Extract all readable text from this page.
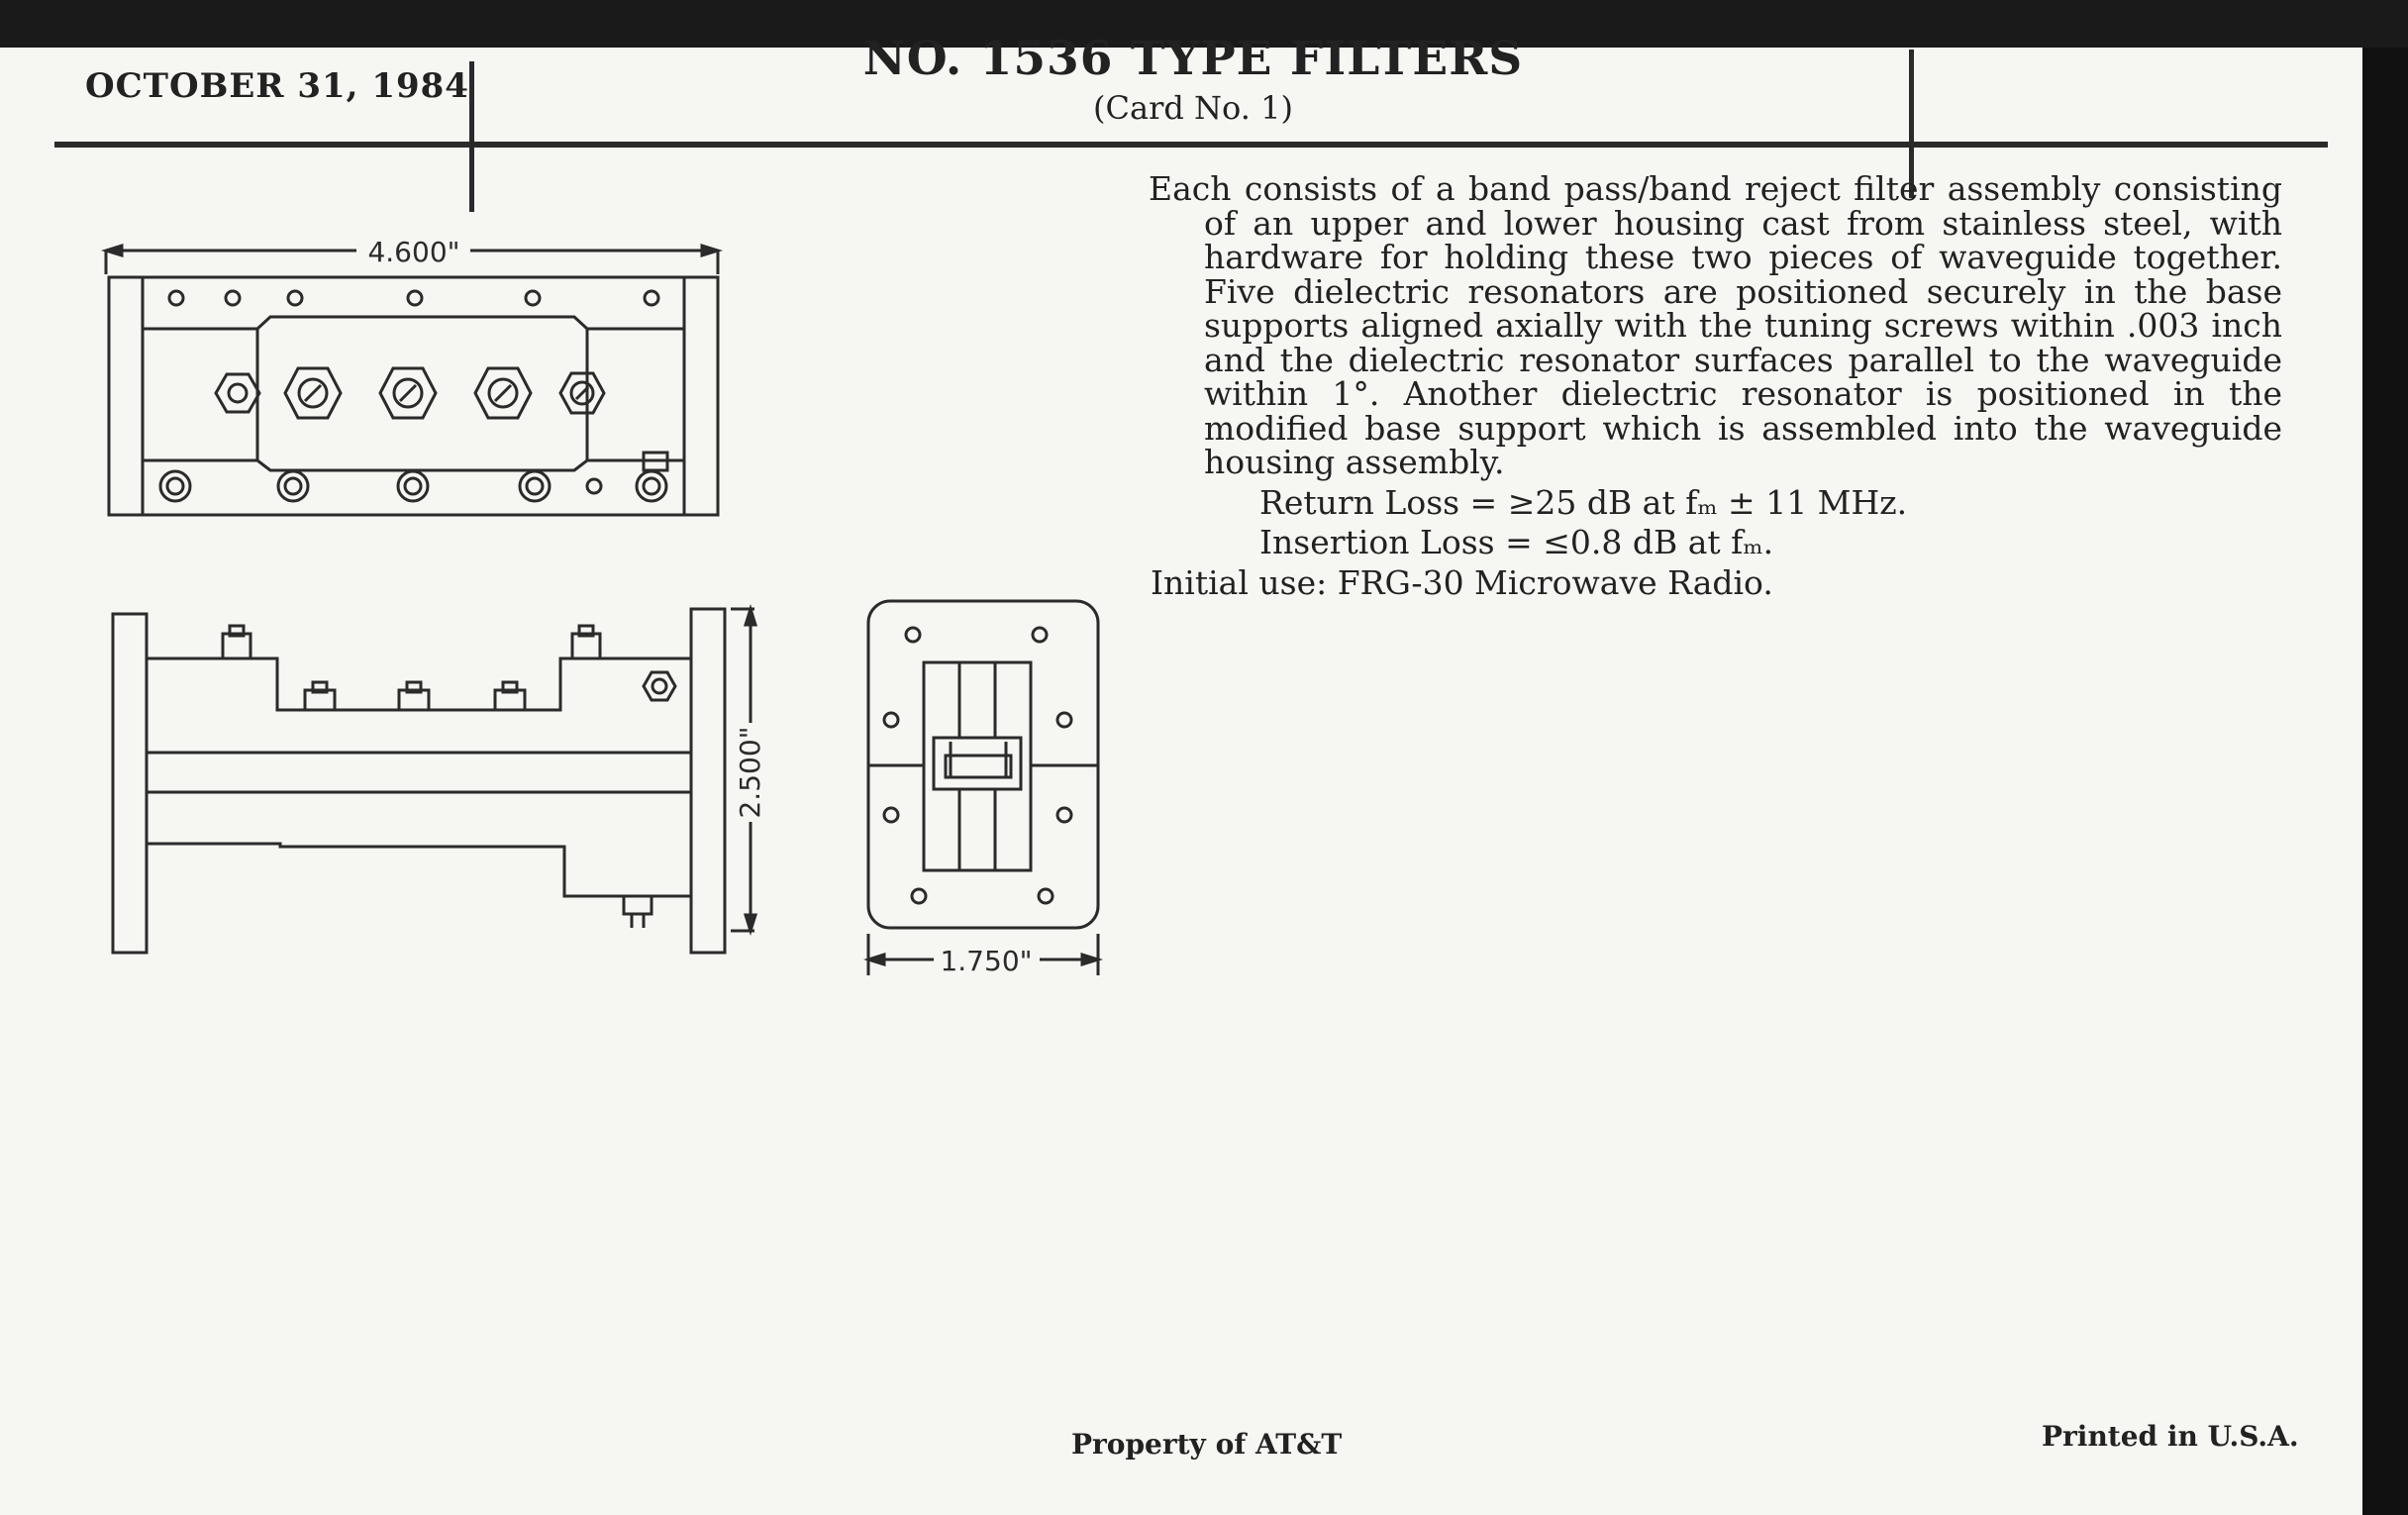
OCTOBER 31, 1984	NO. 1536 TYPE FILTERS
(Card No. 1)
4.600"
2.500"
1.750"

Each consists of a band pass/band reject filter assembly consisting of an upper and lower housing cast from stainless steel, with hardware for holding these two pieces of waveguide together. Five dielectric resonators are positioned securely in the base supports aligned axially with the tuning screws within .003 inch and the dielectric resonator surfaces parallel to the waveguide within 1°. Another dielectric resonator is positioned in the modified base support which is assembled into the waveguide housing assembly.

Return Loss = ≥25 dB at fₘ ± 11 MHz.

Insertion Loss = ≤0.8 dB at fₘ.

Initial use: FRG-30 Microwave Radio.

Property of AT&T	Printed in U.S.A.
